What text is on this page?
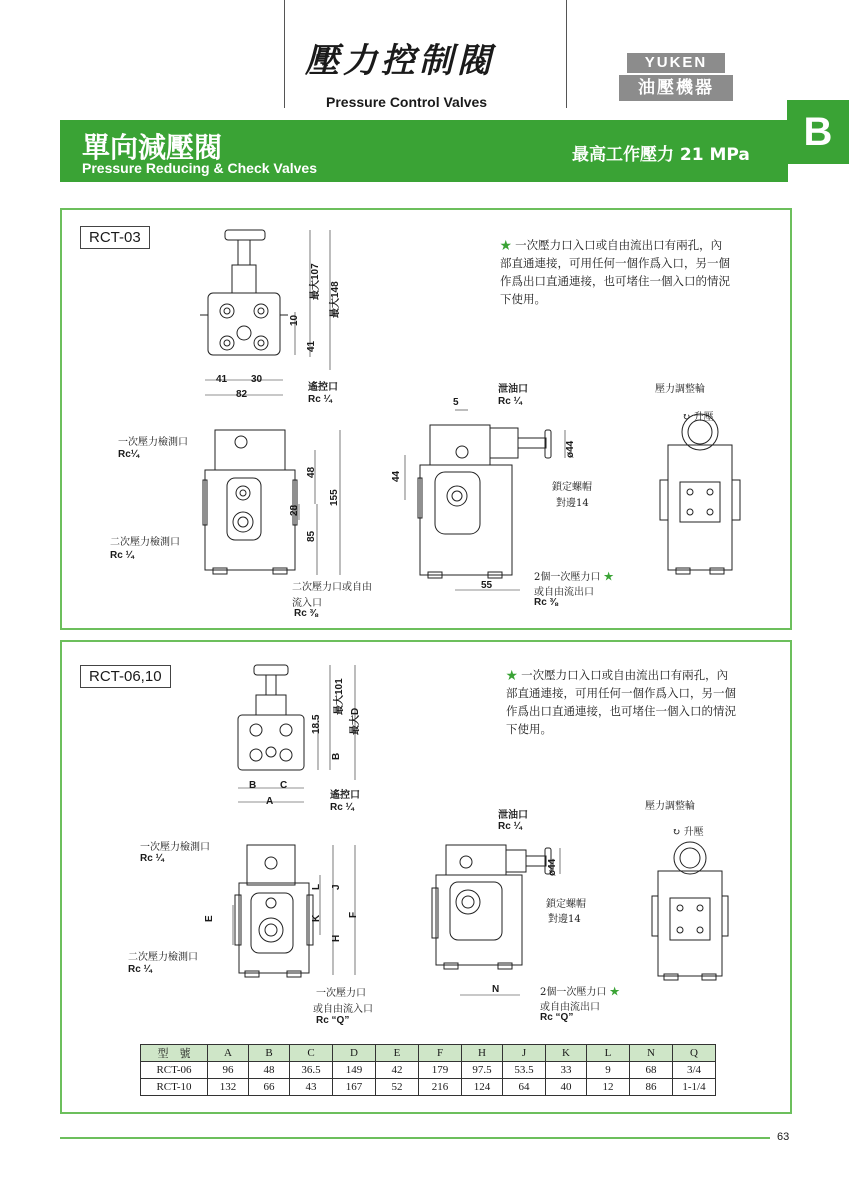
壓力控制閥
Pressure Control Valves
YUKEN
油壓機器
單向減壓閥
Pressure Reducing & Check Valves
最高工作壓力 21 MPa
B
RCT-03	★ 一次壓力口入口或自由流出口有兩孔，內部直通連接，可用任何一個作爲入口，另一個作爲出口直通連接，也可堵住一個入口的情況下使用。
41 30
82
10
41
最大107 最大148
遙控口
Rc ¼
一次壓力檢測口
Rc¼
二次壓力檢測口
Rc ¼
48
28
85
155
二次壓力口或自由
流入口
Rc ⅜
泄油口
Rc ¼
5
44
ø44
55
鎖定螺帽
對邊14
2個一次壓力口 ★
或自由流出口
Rc ⅜
壓力調整輪
↻ 升壓
RCT-06,10	★ 一次壓力口入口或自由流出口有兩孔，內部直通連接，可用任何一個作爲入口，另一個作爲出口直通連接，也可堵住一個入口的情況下使用。
B C
A
18.5
B
最大101
最大D
遙控口
Rc ¼
一次壓力檢測口
Rc ¼
二次壓力檢測口
Rc ¼
L J
K	F
H
E
一次壓力口
或自由流入口
Rc “Q”
泄油口
Rc ¼
ø44
N
鎖定螺帽
對邊14
2個一次壓力口 ★
或自由流出口
Rc “Q”
壓力調整輪
↻ 升壓
型　號	A	B	C	D	E	F	H	J	K	L	N	Q
RCT-06	96	48	36.5	149	42	179	97.5	53.5	33	9	68	3/4
RCT-10	132	66	43	167	52	216	124	64	40	12	86	1-1/4
63
